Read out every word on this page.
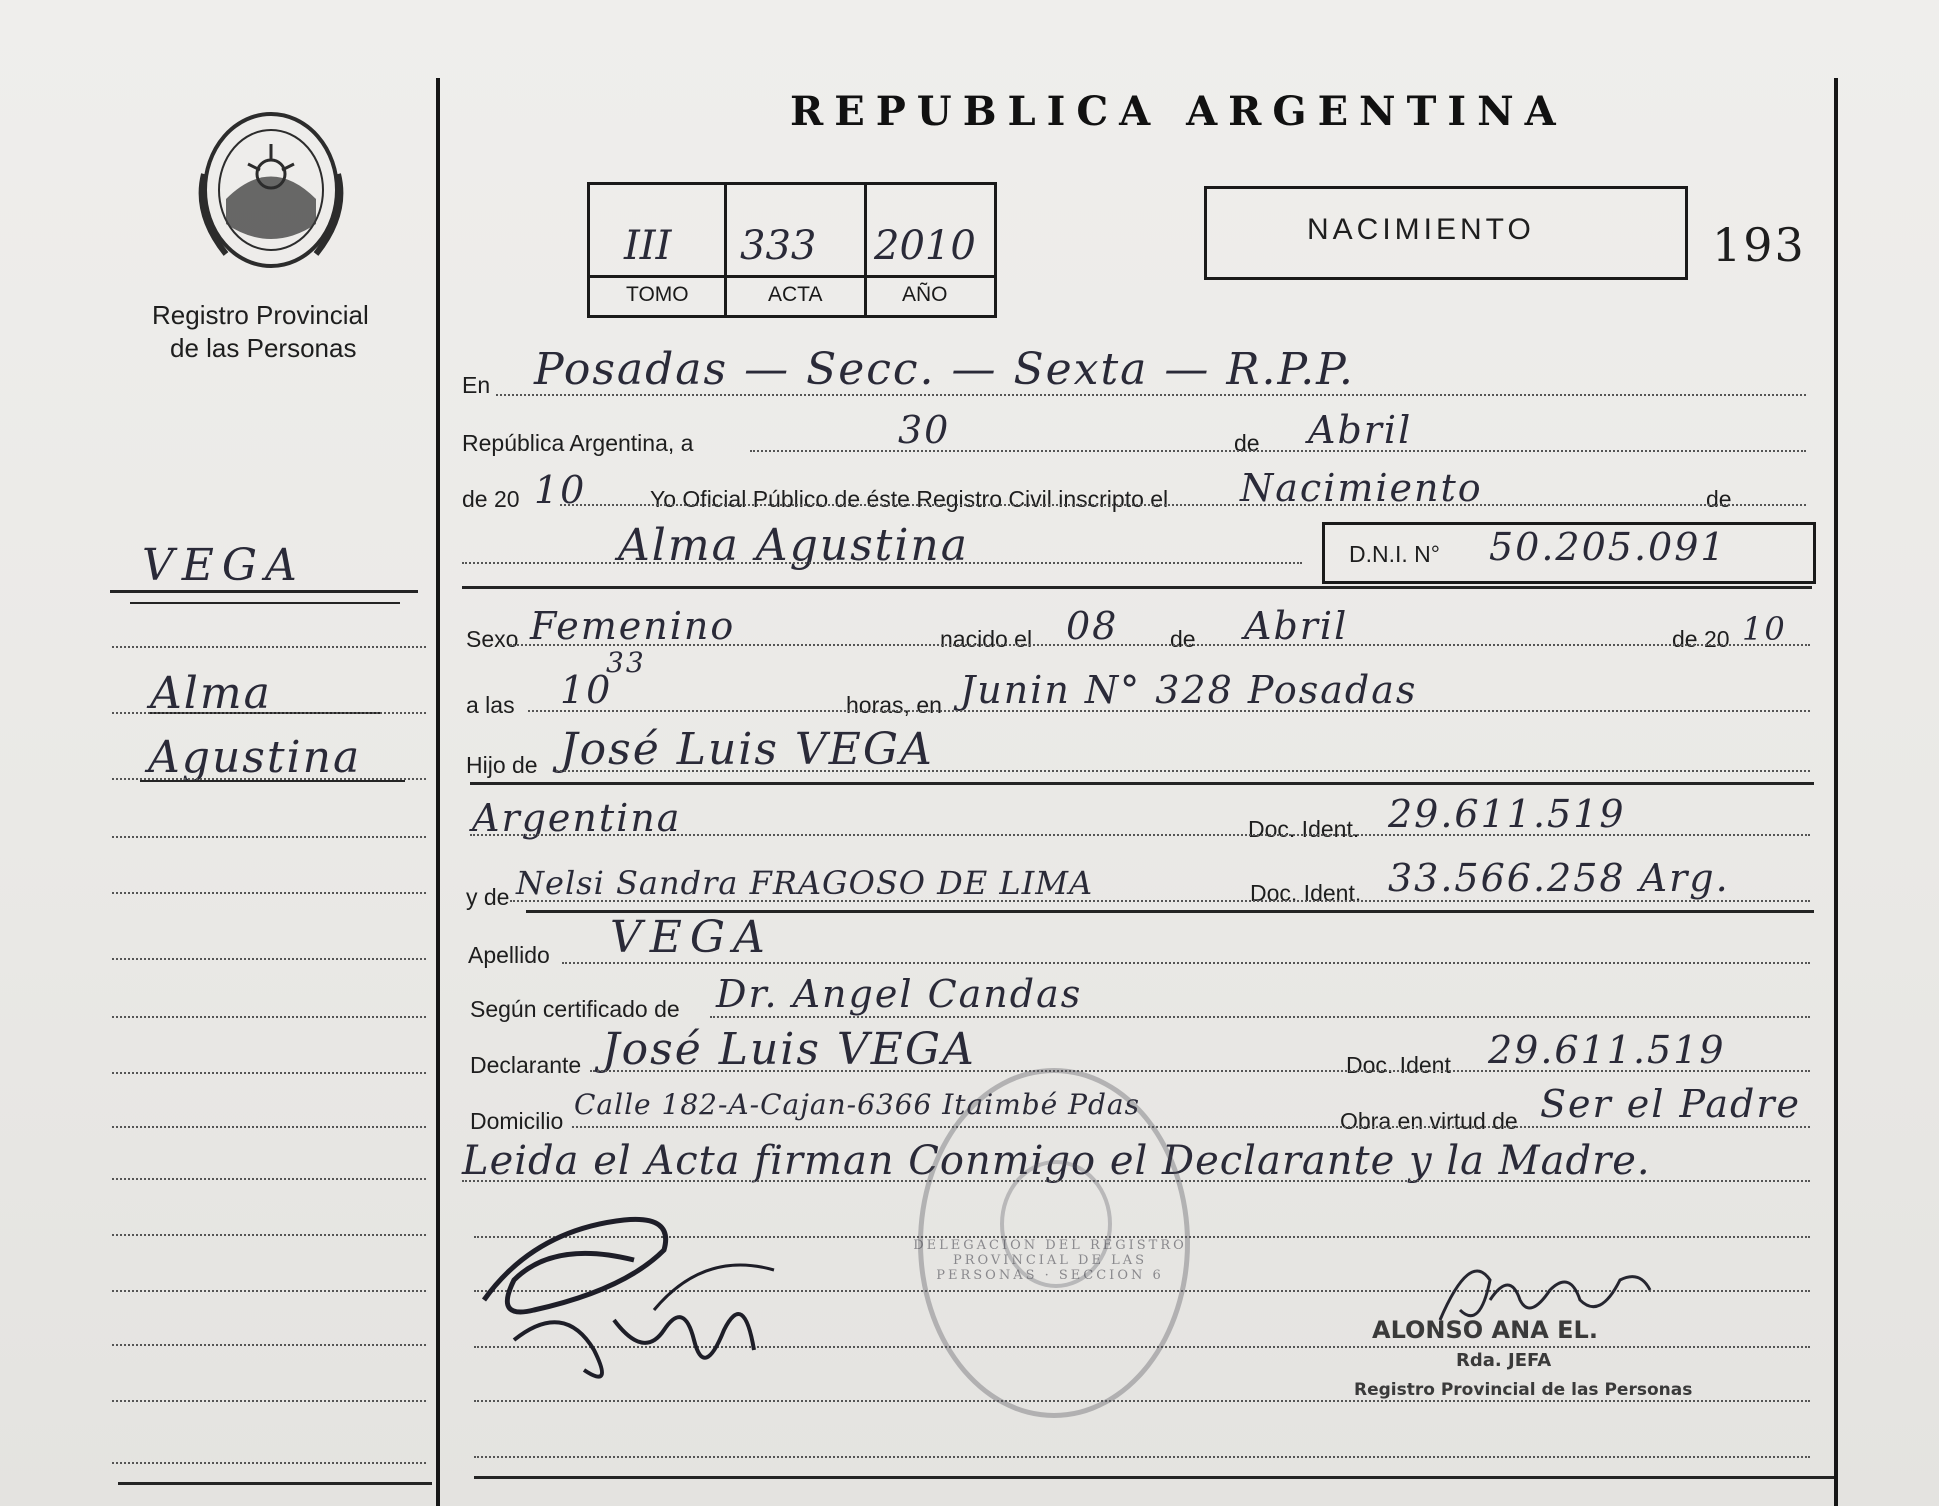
Registro Provincial
de las Personas
REPUBLICA ARGENTINA
III 333 2010
TOMO	ACTA	AÑO
NACIMIENTO	193
VEGA
Alma
Agustina
En Posadas — Secc. — Sexta — R.P.P.
República Argentina, a	30	de Abril
de 20 10	Yo Oficial Público de éste Registro Civil inscripto el Nacimiento	de
Alma Agustina	D.N.I. N° 50.205.091
Sexo Femenino	nacido el 08 de Abril	de 20 10
a las 10
33
horas, en Junin N° 328 Posadas
Hijo de José Luis VEGA
Argentina	Doc. Ident. 29.611.519
y de Nelsi Sandra FRAGOSO DE LIMA	Doc. Ident. 33.566.258 Arg.
Apellido VEGA
Según certificado de Dr. Angel Candas
Declarante José Luis VEGA	Doc. Ident 29.611.519
Domicilio Calle 182-A-Cajan-6366 Itaimbé Pdas	Obra en virtud de Ser el Padre
Leida el Acta firman Conmigo el Declarante y la Madre.
DELEGACION DEL REGISTRO PROVINCIAL DE LAS PERSONAS · SECCION 6
ALONSO ANA EL.
Rda. JEFA
Registro Provincial de las Personas
